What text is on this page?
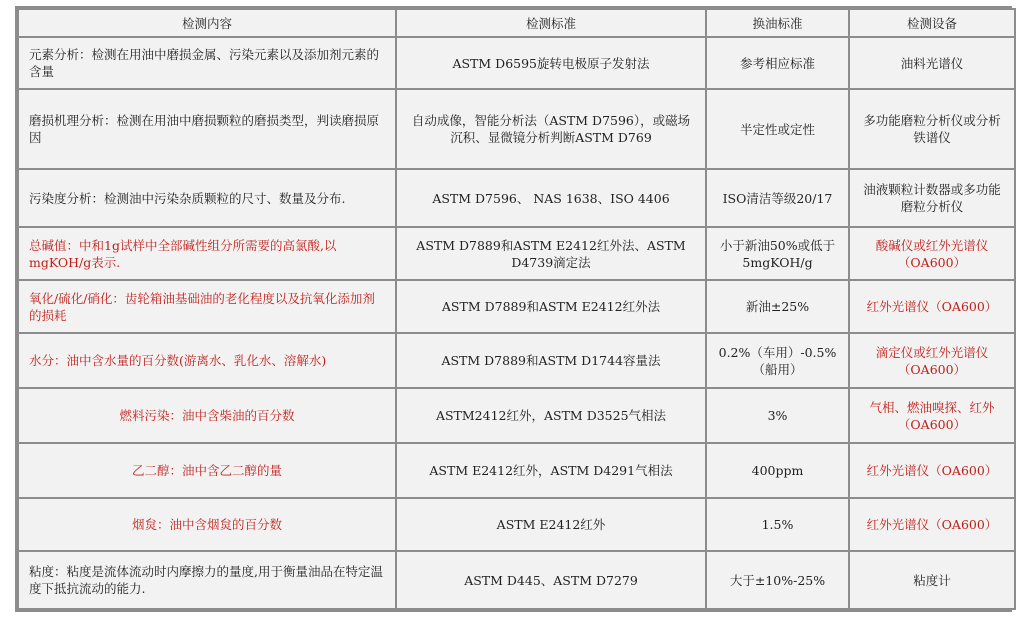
检测内容	检测标准	换油标准	检测设备
元素分析：检测在用油中磨损金属、污染元素以及添加剂元素的含量	ASTM D6595旋转电极原子发射法	参考相应标准	油料光谱仪
磨损机理分析：检测在用油中磨损颗粒的磨损类型，判读磨损原因	自动成像，智能分析法（ASTM D7596），或磁场沉积、显微镜分析判断ASTM D769	半定性或定性	多功能磨粒分析仪或分析铁谱仪
污染度分析：检测油中污染杂质颗粒的尺寸、数量及分布.	ASTM D7596、 NAS 1638、ISO 4406	ISO清洁等级20/17	油液颗粒计数器或多功能磨粒分析仪
总碱值：中和1g试样中全部碱性组分所需要的高氯酸,以mgKOH/g表示.	ASTM D7889和ASTM E2412红外法、ASTM D4739滴定法	小于新油50%或低于5mgKOH/g	酸碱仪或红外光谱仪（OA600）
氧化/硫化/硝化：齿轮箱油基础油的老化程度以及抗氧化添加剂的损耗	ASTM D7889和ASTM E2412红外法	新油±25%	红外光谱仪（OA600）
水分：油中含水量的百分数(游离水、乳化水、溶解水)	ASTM D7889和ASTM D1744容量法	0.2%（车用）-0.5%（船用）	滴定仪或红外光谱仪（OA600）
燃料污染：油中含柴油的百分数	ASTM2412红外，ASTM D3525气相法	3%	气相、燃油嗅探、红外（OA600）
乙二醇：油中含乙二醇的量	ASTM E2412红外，ASTM D4291气相法	400ppm	红外光谱仪（OA600）
烟炱：油中含烟炱的百分数	ASTM E2412红外	1.5%	红外光谱仪（OA600）
粘度：粘度是流体流动时内摩擦力的量度,用于衡量油品在特定温度下抵抗流动的能力.	ASTM D445、ASTM D7279	大于±10%-25%	粘度计
